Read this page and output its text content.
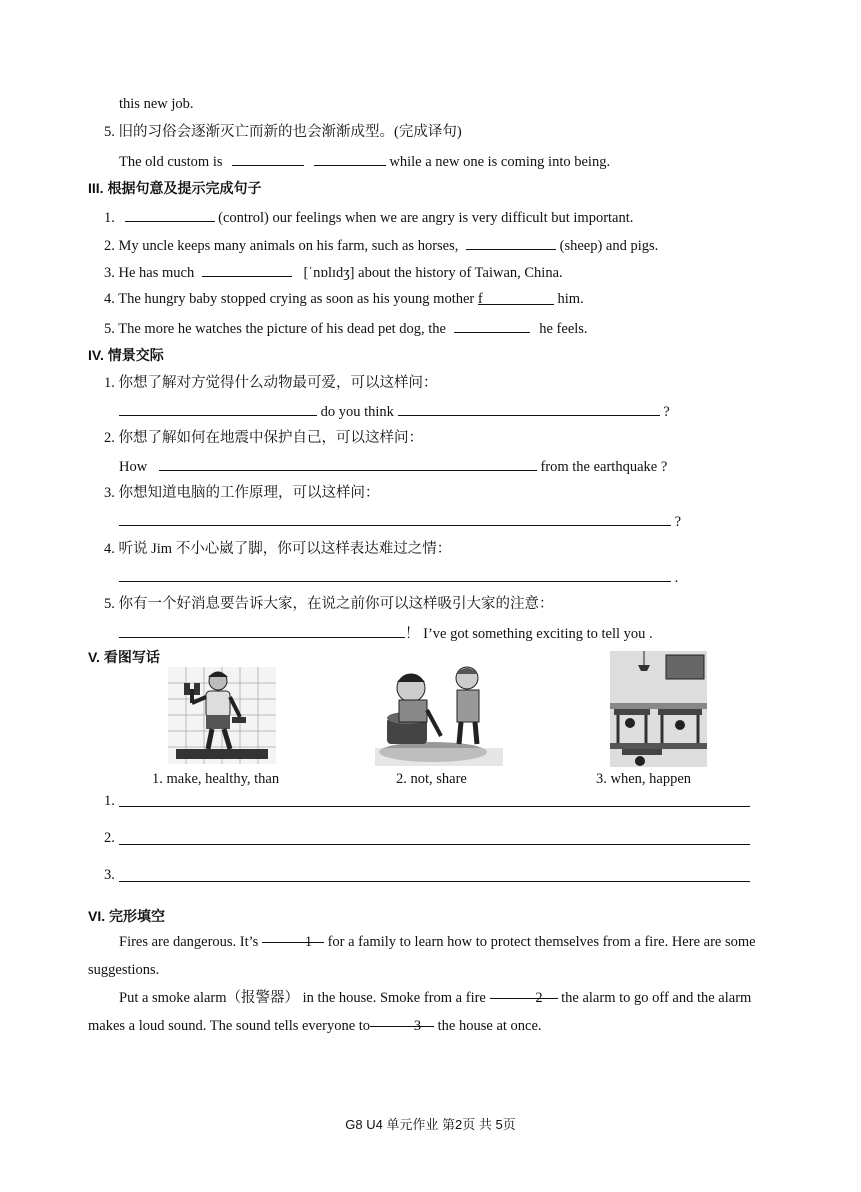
this new job.
5. 旧的习俗会逐渐灭亡而新的也会渐渐成型。(完成译句)
The old custom is	while a new one is coming into being.
III. 根据句意及提示完成句子
1.	(control) our feelings when we are angry is very difficult but important.
2. My uncle keeps many animals on his farm, such as horses,	(sheep) and pigs.
3. He has much	[ˈnɒlɪdʒ] about the history of Taiwan, China.
4. The hungry baby stopped crying as soon as his young mother f	him.
5. The more he watches the picture of his dead pet dog, the	he feels.
IV. 情景交际
1. 你想了解对方觉得什么动物最可爱，可以这样问：
do you think	?
2. 你想了解如何在地震中保护自己，可以这样问：
How	from the earthquake ?
3. 你想知道电脑的工作原理，可以这样问：
?
4. 听说 Jim 不小心崴了脚，你可以这样表达难过之情：
.
5. 你有一个好消息要告诉大家，在说之前你可以这样吸引大家的注意：
！ I’ve got something exciting to tell you .
V. 看图写话
1. make, healthy, than	2. not, share	3. when, happen
1.
2.
3.
VI. 完形填空
Fires are dangerous. It’s	1 for a family to learn how to protect themselves from a fire. Here are some suggestions.
Put a smoke alarm（报警器） in the house. Smoke from a fire	2 the alarm to go off and the alarm makes a loud sound. The sound tells everyone to	3 the house at once.
G8 U4 单元作业 第2页 共 5页
